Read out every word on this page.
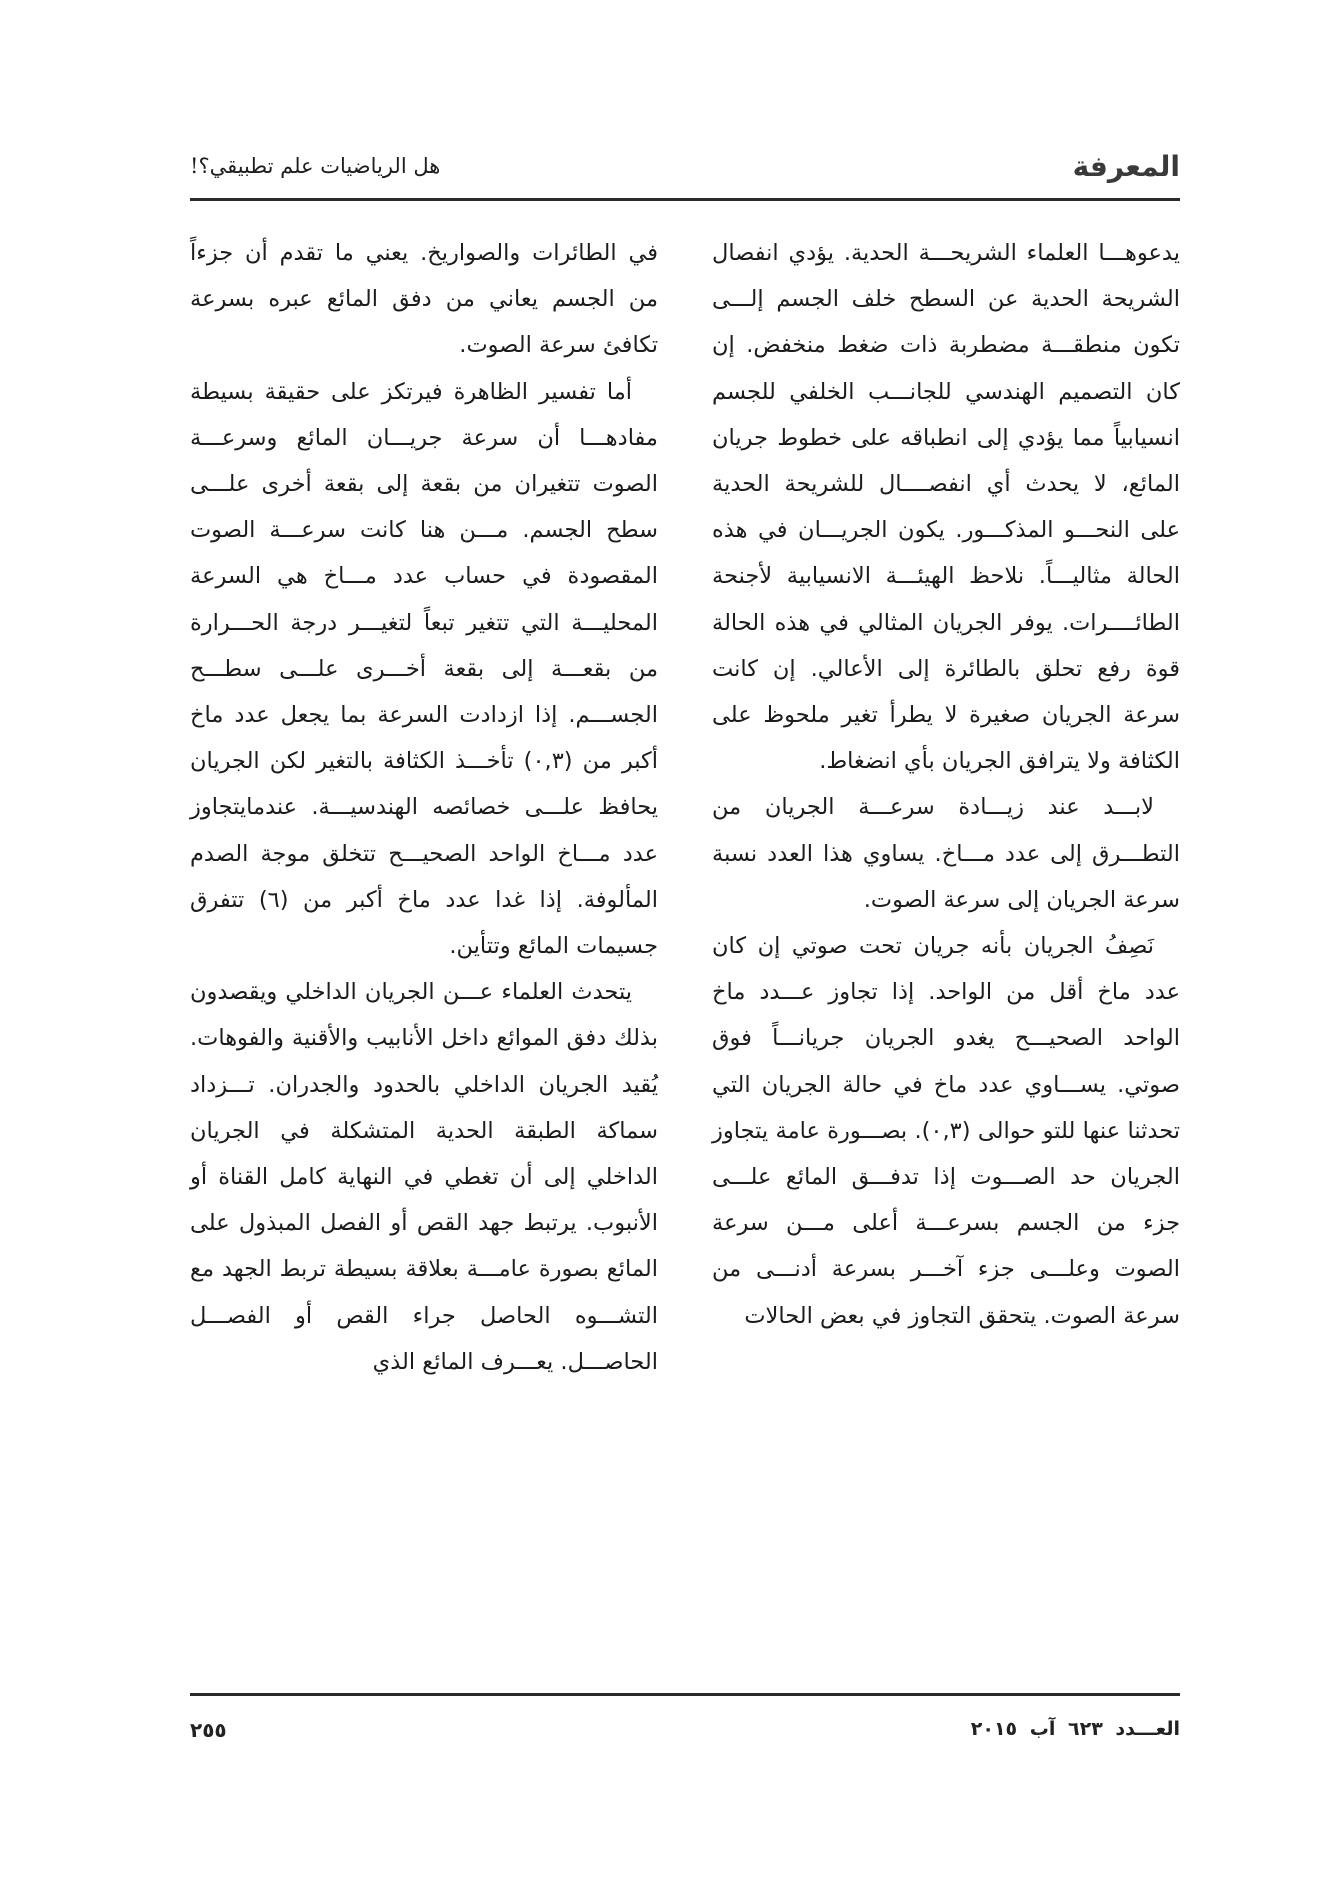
المعرفة
هل الرياضيات علم تطبيقي؟!

يدعوهـــا العلماء الشريحـــة الحدية. يؤدي انفصال الشريحة الحدية عن السطح خلف الجسم إلـــى تكون منطقـــة مضطربة ذات ضغط منخفض. إن كان التصميم الهندسي للجانـــب الخلفي للجسم انسيابياً مما يؤدي إلى انطباقه على خطوط جريان المائع، لا يحدث أي انفصــــال للشريحة الحدية على النحـــو المذكـــور. يكون الجريـــان في هذه الحالة مثاليـــاً. نلاحظ الهيئـــة الانسيابية لأجنحة الطائــــرات. يوفر الجريان المثالي في هذه الحالة قوة رفع تحلق بالطائرة إلى الأعالي. إن كانت سرعة الجريان صغيرة لا يطرأ تغير ملحوظ على الكثافة ولا يترافق الجريان بأي انضغاط.

لابـــد عند زيـــادة سرعـــة الجريان من التطـــرق إلى عدد مـــاخ. يساوي هذا العدد نسبة سرعة الجريان إلى سرعة الصوت.

نَصِفُ الجريان بأنه جريان تحت صوتي إن كان عدد ماخ أقل من الواحد. إذا تجاوز عـــدد ماخ الواحد الصحيـــح يغدو الجريان جريانـــاً فوق صوتي. يســـاوي عدد ماخ في حالة الجريان التي تحدثنا عنها للتو حوالى (٠,٣). بصـــورة عامة يتجاوز الجريان حد الصـــوت إذا تدفـــق المائع علـــى جزء من الجسم بسرعـــة أعلى مـــن سرعة الصوت وعلـــى جزء آخـــر بسرعة أدنـــى من سرعة الصوت. يتحقق التجاوز في بعض الحالات

في الطائرات والصواريخ. يعني ما تقدم أن جزءاً من الجسم يعاني من دفق المائع عبره بسرعة تكافئ سرعة الصوت.

أما تفسير الظاهرة فيرتكز على حقيقة بسيطة مفادهـــا أن سرعة جريـــان المائع وسرعـــة الصوت تتغيران من بقعة إلى بقعة أخرى علـــى سطح الجسم. مـــن هنا كانت سرعـــة الصوت المقصودة في حساب عدد مـــاخ هي السرعة المحليـــة التي تتغير تبعاً لتغيـــر درجة الحـــرارة من بقعـــة إلى بقعة أخـــرى علـــى سطـــح الجســـم. إذا ازدادت السرعة بما يجعل عدد ماخ أكبر من (٠,٣) تأخـــذ الكثافة بالتغير لكن الجريان يحافظ علـــى خصائصه الهندسيـــة. عندمايتجاوز عدد مـــاخ الواحد الصحيـــح تتخلق موجة الصدم المألوفة. إذا غدا عدد ماخ أكبر من (٦) تتفرق جسيمات المائع وتتأين.

يتحدث العلماء عـــن الجريان الداخلي ويقصدون بذلك دفق الموائع داخل الأنابيب والأقنية والفوهات. يُقيد الجريان الداخلي بالحدود والجدران. تـــزداد سماكة الطبقة الحدية المتشكلة في الجريان الداخلي إلى أن تغطي في النهاية كامل القناة أو الأنبوب. يرتبط جهد القص أو الفصل المبذول على المائع بصورة عامـــة بعلاقة بسيطة تربط الجهد مع التشـــوه الحاصل جراء القص أو الفصـــل الحاصـــل. يعـــرف المائع الذي

العـــدد ٦٢٣ آب ٢٠١٥
٢٥٥
